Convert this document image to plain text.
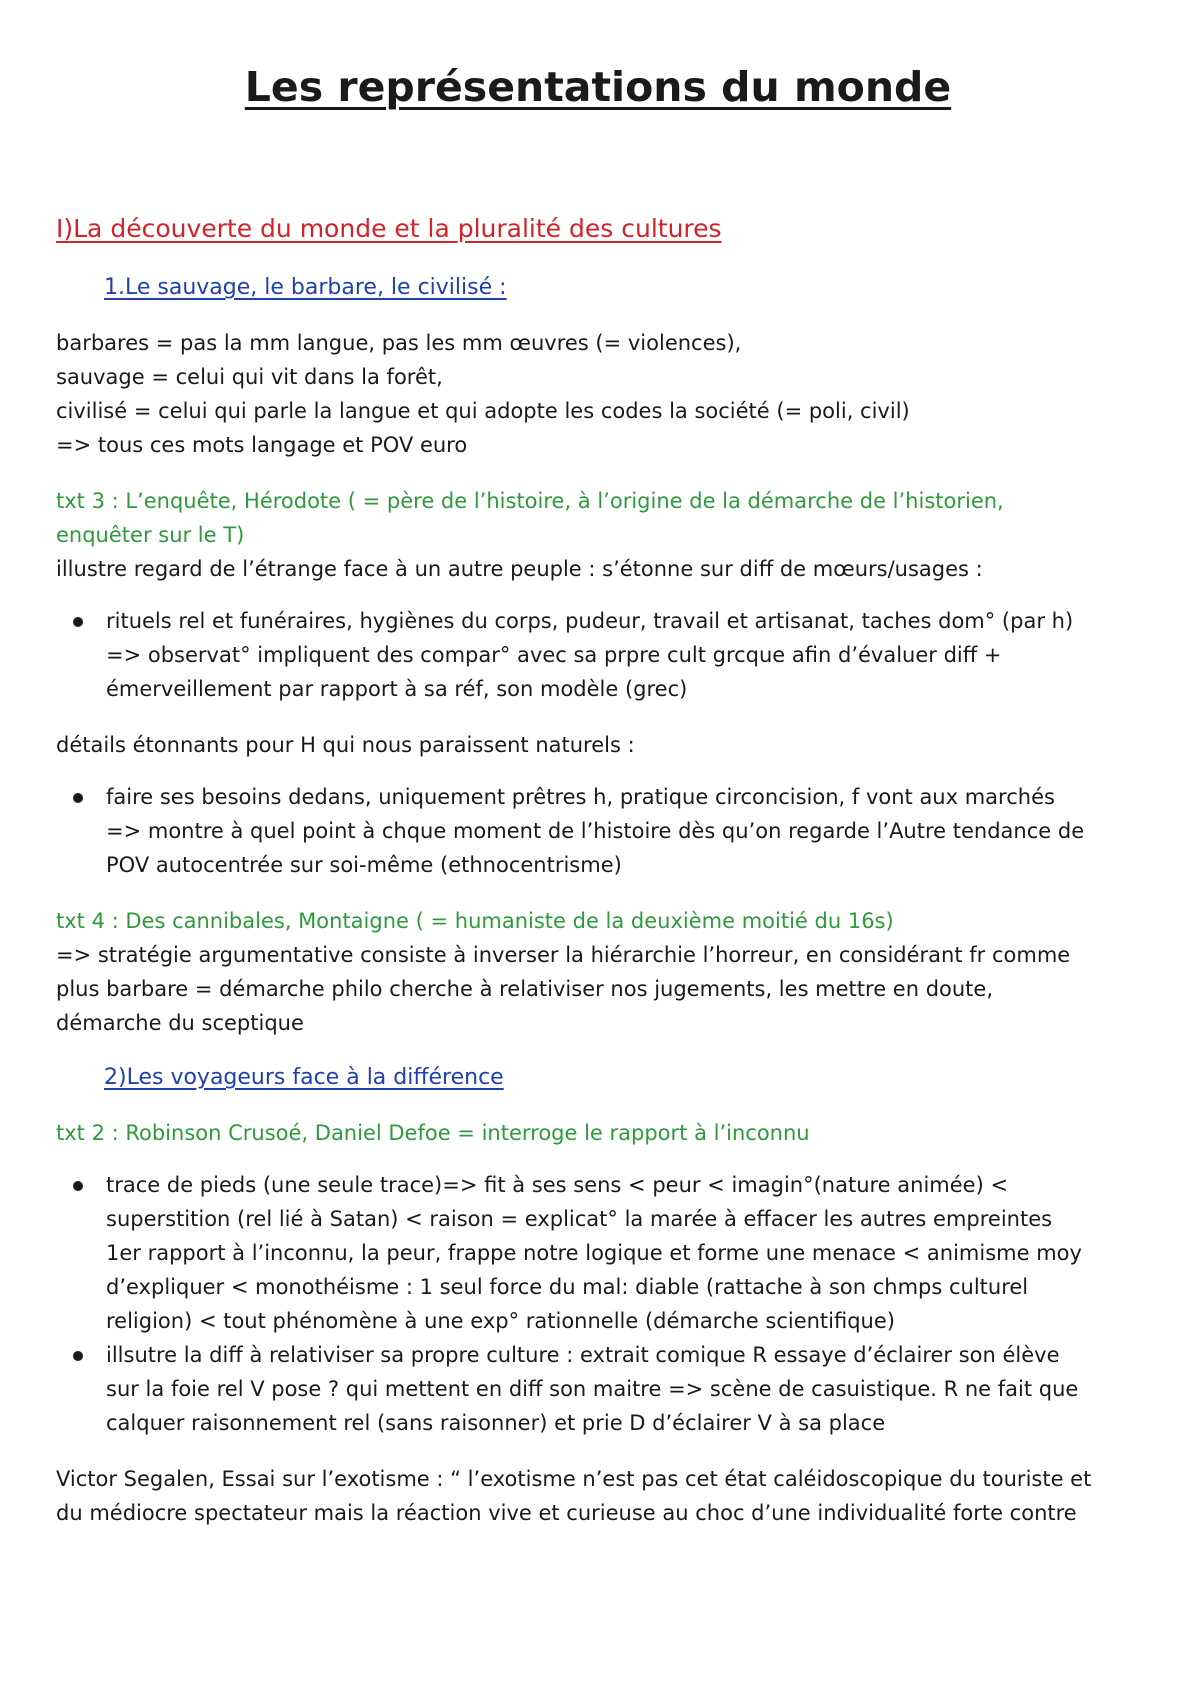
Les représentations du monde
I)La découverte du monde et la pluralité des cultures
1.Le sauvage, le barbare, le civilisé :
barbares = pas la mm langue, pas les mm œuvres (= violences),
sauvage = celui qui vit dans la forêt,
civilisé = celui qui parle la langue et qui adopte les codes la société (= poli, civil)
=> tous ces mots langage et POV euro
txt 3 : L’enquête, Hérodote ( = père de l’histoire, à l’origine de la démarche de l’historien,
enquêter sur le T)
illustre regard de l’étrange face à un autre peuple : s’étonne sur diff de mœurs/usages :
rituels rel et funéraires, hygiènes du corps, pudeur, travail et artisanat, taches dom° (par h)
=> observat° impliquent des compar° avec sa prpre cult grcque afin d’évaluer diff +
émerveillement par rapport à sa réf, son modèle (grec)
détails étonnants pour H qui nous paraissent naturels :
faire ses besoins dedans, uniquement prêtres h, pratique circoncision, f vont aux marchés
=> montre à quel point à chque moment de l’histoire dès qu’on regarde l’Autre tendance de
POV autocentrée sur soi-même (ethnocentrisme)
txt 4 : Des cannibales, Montaigne ( = humaniste de la deuxième moitié du 16s)
=> stratégie argumentative consiste à inverser la hiérarchie l’horreur, en considérant fr comme
plus barbare = démarche philo cherche à relativiser nos jugements, les mettre en doute,
démarche du sceptique
2)Les voyageurs face à la différence
txt 2 : Robinson Crusoé, Daniel Defoe = interroge le rapport à l’inconnu
trace de pieds (une seule trace)=> fit à ses sens < peur < imagin°(nature animée) <
superstition (rel lié à Satan) < raison = explicat° la marée à effacer les autres empreintes
1er rapport à l’inconnu, la peur, frappe notre logique et forme une menace < animisme moy
d’expliquer < monothéisme : 1 seul force du mal: diable (rattache à son chmps culturel
religion) < tout phénomène à une exp° rationnelle (démarche scientifique)
illsutre la diff à relativiser sa propre culture : extrait comique R essaye d’éclairer son élève
sur la foie rel V pose ? qui mettent en diff son maitre => scène de casuistique. R ne fait que
calquer raisonnement rel (sans raisonner) et prie D d’éclairer V à sa place
Victor Segalen, Essai sur l’exotisme : “ l’exotisme n’est pas cet état caléidoscopique du touriste et
du médiocre spectateur mais la réaction vive et curieuse au choc d’une individualité forte contre
